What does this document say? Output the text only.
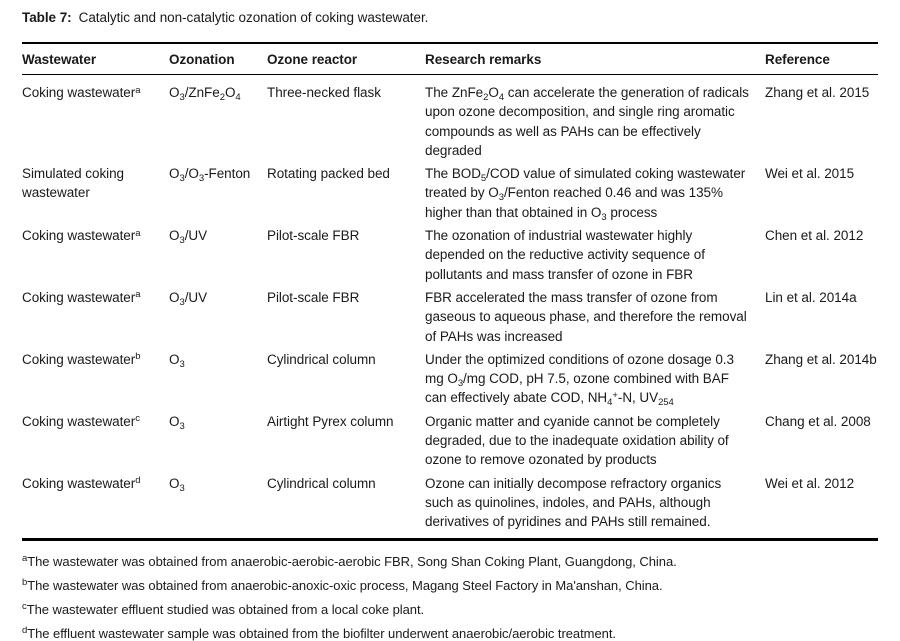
Table 7: Catalytic and non-catalytic ozonation of coking wastewater.
Wastewater	Ozonation	Ozone reactor	Research remarks	Reference
Coking wastewater$^a$	$O_3/ZnFe_2O_4$	Three-necked flask	The $ZnFe_2O_4$ can accelerate the generation of radicals upon ozone decomposition, and single ring aromatic compounds as well as PAHs can be effectively degraded	Zhang et al. 2015
Simulated coking wastewater	$O_3/O_3$-Fenton	Rotating packed bed	The $BOD_5$/COD value of simulated coking wastewater treated by $O_3$/Fenton reached 0.46 and was 135% higher than that obtained in $O_3$ process	Wei et al. 2015
Coking wastewater$^a$	$O_3/UV$	Pilot-scale FBR	The ozonation of industrial wastewater highly depended on the reductive activity sequence of pollutants and mass transfer of ozone in FBR	Chen et al. 2012
Coking wastewater$^a$	$O_3/UV$	Pilot-scale FBR	FBR accelerated the mass transfer of ozone from gaseous to aqueous phase, and therefore the removal of PAHs was increased	Lin et al. 2014a
Coking wastewater$^b$	$O_3$	Cylindrical column	Under the optimized conditions of ozone dosage 0.3 mg $O_3/mg$ COD, pH 7.5, ozone combined with BAF can effectively abate COD, $NH_4^+-N$, $UV_{254}$	Zhang et al. 2014b
Coking wastewater$^c$	$O_3$	Airtight Pyrex column	Organic matter and cyanide cannot be completely degraded, due to the inadequate oxidation ability of ozone to remove ozonated by products	Chang et al. 2008
Coking wastewater$^d$	$O_3$	Cylindrical column	Ozone can initially decompose refractory organics such as quinolines, indoles, and PAHs, although derivatives of pyridines and PAHs still remained.	Wei et al. 2012

$^a$The wastewater was obtained from anaerobic-aerobic-aerobic FBR, Song Shan Coking Plant, Guangdong, China.

$^b$The wastewater was obtained from anaerobic-anoxic-oxic process, Magang Steel Factory in Ma'anshan, China.

$^c$The wastewater effluent studied was obtained from a local coke plant.

$^d$The effluent wastewater sample was obtained from the biofilter underwent anaerobic/aerobic treatment.
